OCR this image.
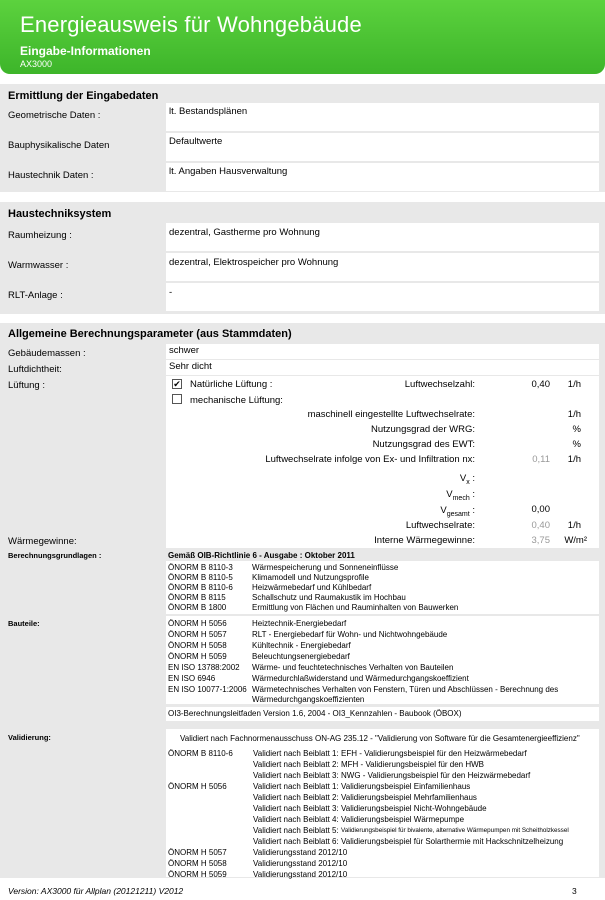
Energieausweis für Wohngebäude
Eingabe-Informationen
AX3000
Ermittlung der Eingabedaten
Geometrische Daten :	lt. Bestandsplänen
Bauphysikalische Daten	Defaultwerte
Haustechnik Daten :	lt. Angaben Hausverwaltung
Haustechniksystem
Raumheizung :	dezentral, Gastherme pro Wohnung
Warmwasser :	dezentral, Elektrospeicher pro Wohnung
RLT-Anlage :	-
Allgemeine Berechnungsparameter (aus Stammdaten)
Gebäudemassen :	schwer
Luftdichtheit:	Sehr dicht
Lüftung :	✔ Natürliche Lüftung :
mechanische Lüftung:
Luftwechselzahl:	0,40 1/h
maschinell eingestellte Luftwechselrate:	1/h
Nutzungsgrad der WRG:	%
Nutzungsgrad des EWT:	%
Luftwechselrate infolge von Ex- und Infiltration nx:	0,11 1/h
$V_x$ :
$V_{mech}$ :
$V_{gesamt}$ :	0,00
Luftwechselrate:	0,40 1/h
Wärmegewinne:	Interne Wärmegewinne:	3,75 W/m²
Berechnungsgrundlagen :	Gemäß OIB-Richtlinie 6 - Ausgabe : Oktober 2011
ÖNORM B 8110-3 Wärmespeicherung und Sonneneinflüsse
ÖNORM B 8110-5 Klimamodell und Nutzungsprofile
ÖNORM B 8110-6 Heizwärmebedarf und Kühlbedarf
ÖNORM B 8115	Schallschutz und Raumakustik im Hochbau
ÖNORM B 1800	Ermittlung von Flächen und Rauminhalten von Bauwerken
Bauteile:	ÖNORM H 5056	Heiztechnik-Energiebedarf
ÖNORM H 5057	RLT - Energiebedarf für Wohn- und Nichtwohngebäude
ÖNORM H 5058	Kühltechnik - Energiebedarf
ÖNORM H 5059	Beleuchtungsenergiebedarf
EN ISO 13788:2002 Wärme- und feuchtetechnisches Verhalten von Bauteilen
EN ISO 6946	Wärmedurchlaßwiderstand und Wärmedurchgangskoeffizient
EN ISO 10077-1:2006 Wärmetechnisches Verhalten von Fenstern, Türen und Abschlüssen - Berechnung des
Wärmedurchgangskoeffizienten
OI3-Berechnungsleitfaden Version 1.6, 2004 - OI3_Kennzahlen - Baubook (ÖBOX)
Validierung:	Validiert nach Fachnormenausschuss ON-AG 235.12 - "Validierung von Software für die Gesamtenergieeffizienz"
ÖNORM B 8110-6	Validiert nach Beiblatt 1: EFH - Validierungsbeispiel für den Heizwärmebedarf
Validiert nach Beiblatt 2: MFH - Validierungsbeispiel für den HWB
Validiert nach Beiblatt 3: NWG - Validierungsbeispiel für den Heizwärmebedarf
ÖNORM H 5056	Validiert nach Beiblatt 1: Validierungsbeispiel Einfamilienhaus
Validiert nach Beiblatt 2: Validierungsbeispiel Mehrfamilienhaus
Validiert nach Beiblatt 3: Validierungsbeispiel Nicht-Wohngebäude
Validiert nach Beiblatt 4: Validierungsbeispiel Wärmepumpe
Validiert nach Beiblatt 5: Validierungsbeispiel für bivalente, alternative Wärmepumpen mit Scheitholzkessel
Validiert nach Beiblatt 6: Validierungsbeispiel für Solarthermie mit Hackschnitzelheizung
ÖNORM H 5057	Validierungsstand 2012/10
ÖNORM H 5058	Validierungsstand 2012/10
ÖNORM H 5059	Validierungsstand 2012/10
Version: AX3000 für Allplan (20121211) V2012	3
